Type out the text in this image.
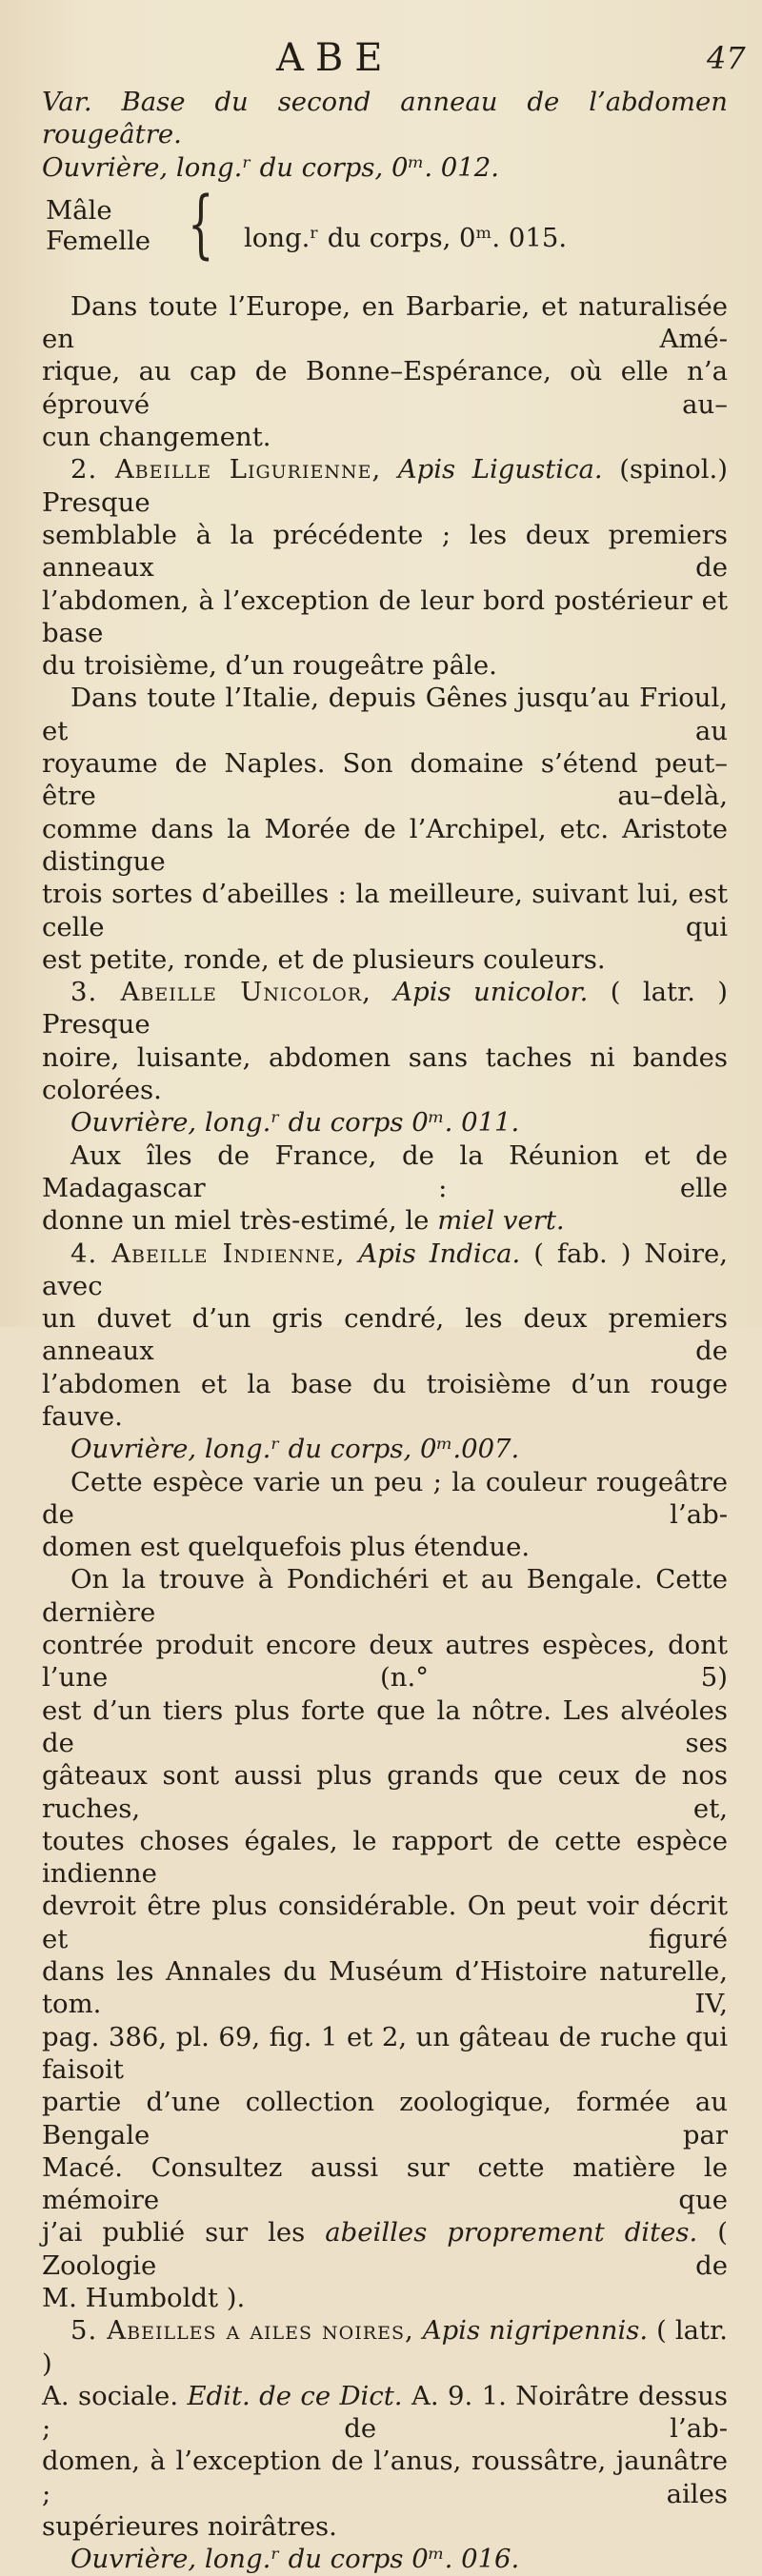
ABE	47

Var. Base du second anneau de l’abdomen rougeâtre.

Ouvrière, long.ʳ du corps, 0ᵐ. 012.

Mâle
Femelle { long.ʳ du corps, 0ᵐ. 015.
Dans toute l’Europe, en Barbarie, et naturalisée en Amé-
rique, au cap de Bonne–Espérance, où elle n’a éprouvé au–
cun changement.
2. Abeille Ligurienne, Apis Ligustica. (spinol.) Presque
semblable à la précédente ; les deux premiers anneaux de
l’abdomen, à l’exception de leur bord postérieur et base
du troisième, d’un rougeâtre pâle.
Dans toute l’Italie, depuis Gênes jusqu’au Frioul, et au
royaume de Naples. Son domaine s’étend peut–être au–delà,
comme dans la Morée de l’Archipel, etc. Aristote distingue
trois sortes d’abeilles : la meilleure, suivant lui, est celle qui
est petite, ronde, et de plusieurs couleurs.
3. Abeille Unicolor, Apis unicolor. ( latr. ) Presque
noire, luisante, abdomen sans taches ni bandes colorées.
Ouvrière, long.ʳ du corps 0ᵐ. 011.
Aux îles de France, de la Réunion et de Madagascar : elle
donne un miel très-estimé, le miel vert.
4. Abeille Indienne, Apis Indica. ( fab. ) Noire, avec
un duvet d’un gris cendré, les deux premiers anneaux de
l’abdomen et la base du troisième d’un rouge fauve.
Ouvrière, long.ʳ du corps, 0ᵐ.007.
Cette espèce varie un peu ; la couleur rougeâtre de l’ab-
domen est quelquefois plus étendue.
On la trouve à Pondichéri et au Bengale. Cette dernière
contrée produit encore deux autres espèces, dont l’une (n.° 5)
est d’un tiers plus forte que la nôtre. Les alvéoles de ses
gâteaux sont aussi plus grands que ceux de nos ruches, et,
toutes choses égales, le rapport de cette espèce indienne
devroit être plus considérable. On peut voir décrit et figuré
dans les Annales du Muséum d’Histoire naturelle, tom. IV,
pag. 386, pl. 69, fig. 1 et 2, un gâteau de ruche qui faisoit
partie d’une collection zoologique, formée au Bengale par
Macé. Consultez aussi sur cette matière le mémoire que
j’ai publié sur les abeilles proprement dites. ( Zoologie de
M. Humboldt ).
5. Abeilles a ailes noires, Apis nigripennis. ( latr. )
A. sociale. Edit. de ce Dict. A. 9. 1. Noirâtre dessus ; de l’ab-
domen, à l’exception de l’anus, roussâtre, jaunâtre ; ailes
supérieures noirâtres.
Ouvrière, long.ʳ du corps 0ᵐ. 016.
